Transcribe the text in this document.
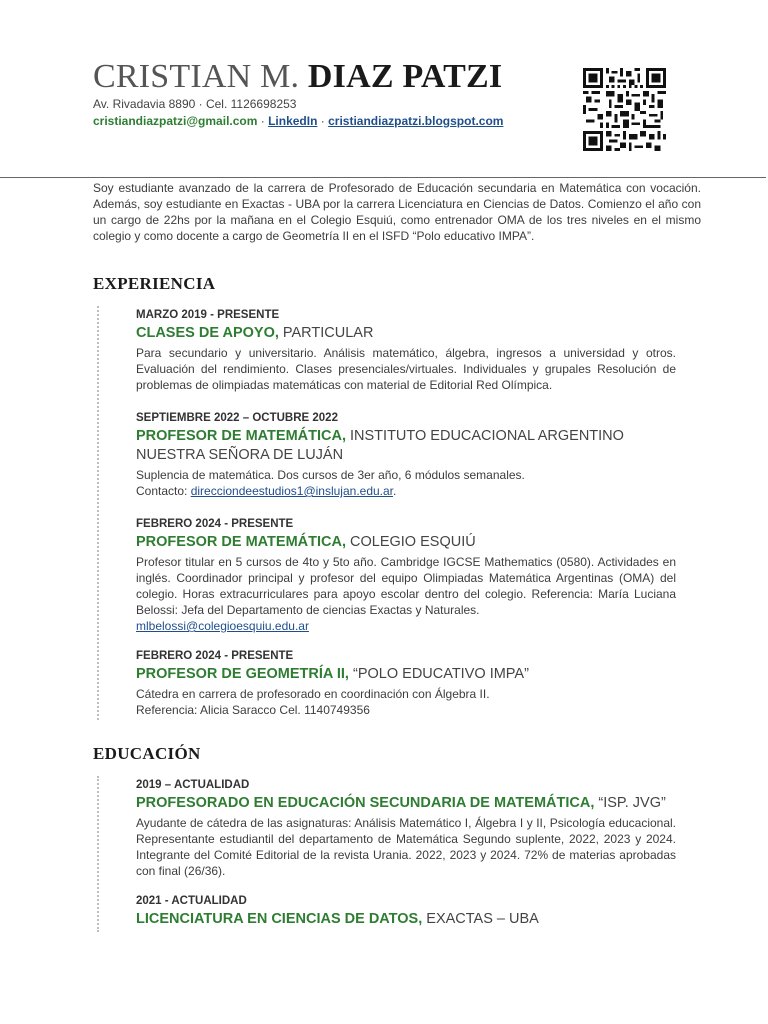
CRISTIAN M. DIAZ PATZI
Av. Rivadavia 8890 · Cel. 1126698253
cristiandiazpatzi@gmail.com · LinkedIn · cristiandiazpatzi.blogspot.com
Soy estudiante avanzado de la carrera de Profesorado de Educación secundaria en Matemática con vocación. Además, soy estudiante en Exactas - UBA por la carrera Licenciatura en Ciencias de Datos. Comienzo el año con un cargo de 22hs por la mañana en el Colegio Esquiú, como entrenador OMA de los tres niveles en el mismo colegio y como docente a cargo de Geometría II en el ISFD “Polo educativo IMPA”.
EXPERIENCIA
MARZO 2019 - PRESENTE
CLASES DE APOYO, PARTICULAR
Para secundario y universitario. Análisis matemático, álgebra, ingresos a universidad y otros. Evaluación del rendimiento. Clases presenciales/virtuales. Individuales y grupales Resolución de problemas de olimpiadas matemáticas con material de Editorial Red Olímpica.
SEPTIEMBRE 2022 – OCTUBRE 2022
PROFESOR DE MATEMÁTICA, INSTITUTO EDUCACIONAL ARGENTINO NUESTRA SEÑORA DE LUJÁN
Suplencia de matemática. Dos cursos de 3er año, 6 módulos semanales.
Contacto: direcciondeestudios1@inslujan.edu.ar.
FEBRERO 2024 - PRESENTE
PROFESOR DE MATEMÁTICA, COLEGIO ESQUIÚ
Profesor titular en 5 cursos de 4to y 5to año. Cambridge IGCSE Mathematics (0580). Actividades en inglés. Coordinador principal y profesor del equipo Olimpiadas Matemática Argentinas (OMA) del colegio. Horas extracurriculares para apoyo escolar dentro del colegio. Referencia: María Luciana Belossi: Jefa del Departamento de ciencias Exactas y Naturales.
mlbelossi@colegioesquiu.edu.ar
FEBRERO 2024 - PRESENTE
PROFESOR DE GEOMETRÍA II, “POLO EDUCATIVO IMPA”
Cátedra en carrera de profesorado en coordinación con Álgebra II.
Referencia: Alicia Saracco Cel. 1140749356
EDUCACIÓN
2019 – ACTUALIDAD
PROFESORADO EN EDUCACIÓN SECUNDARIA DE MATEMÁTICA, “ISP. JVG”
Ayudante de cátedra de las asignaturas: Análisis Matemático I, Álgebra I y II, Psicología educacional. Representante estudiantil del departamento de Matemática Segundo suplente, 2022, 2023 y 2024. Integrante del Comité Editorial de la revista Urania. 2022, 2023 y 2024. 72% de materias aprobadas con final (26/36).
2021 - ACTUALIDAD
LICENCIATURA EN CIENCIAS DE DATOS, EXACTAS – UBA
